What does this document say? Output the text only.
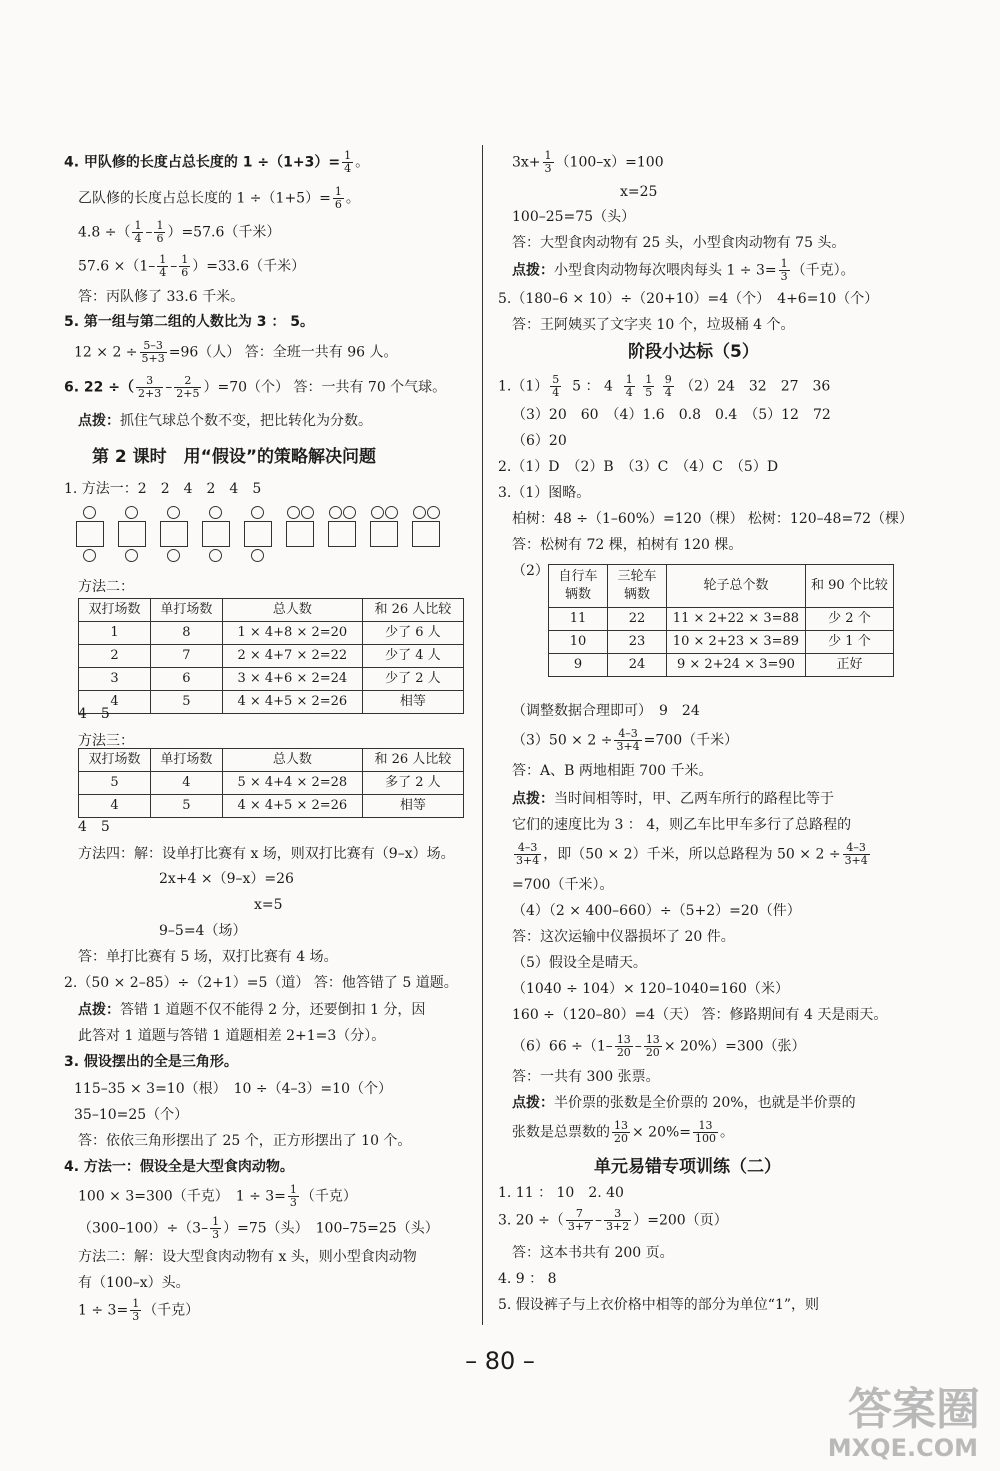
4. 甲队修的长度占总长度的 $1 \div(1+3)= \frac{1}{4}$ 。
乙队修的长度占总长度的 $1 \div(1+5)= \frac{1}{6}$ 。
4.8 ÷（ $\frac{1}{4} - \frac{1}{6} )=57.6$（千米）
$57.6 \times(1- \frac{1}{4} - \frac{1}{6} )=33.6$（千米）
答：丙队修了 33.6 千米。
5. 第一组与第二组的人数比为 3 ： 5。
$12 \times 2 \div \frac{5-3}{5+3} =96$（人） 答：全班一共有 96 人。
6. 22 ÷（ $\frac{3}{2+3} - \frac{2}{2+5} )=70$（个） 答：一共有 70 个气球。
点拨：抓住气球总个数不变，把比转化为分数。
第 2 课时　用“假设”的策略解决问题
1. 方法一：2　2　4　2　4　5
方法二：
双打场数	单打场数	总人数	和 26 人比较
1	8	1 × 4+8 × 2=20	少了 6 人
2	7	2 × 4+7 × 2=22	少了 4 人
3	6	3 × 4+6 × 2=24	少了 2 人
4	5	4 × 4+5 × 2=26	相等
4　5
方法三：
双打场数	单打场数	总人数	和 26 人比较
5	4	5 × 4+4 × 2=28	多了 2 人
4	5	4 × 4+5 × 2=26	相等
4　5
方法四：解：设单打比赛有 x 场，则双打比赛有（9–x）场。
2x+4 ×（9–x）=26
x=5
9–5=4（场）
答：单打比赛有 5 场，双打比赛有 4 场。
2.（50 × 2–85）÷（2+1）=5（道） 答：他答错了 5 道题。
点拨：答错 1 道题不仅不能得 2 分，还要倒扣 1 分，因
此答对 1 道题与答错 1 道题相差 2+1=3（分）。
3. 假设摆出的全是三角形。
115–35 × 3=10（根）　10 ÷（4–3）=10（个）
35–10=25（个）
答：依依三角形摆出了 25 个，正方形摆出了 10 个。
4. 方法一：假设全是大型食肉动物。
100 × 3=300（千克）　$1 \div 3= \frac{1}{3}$ （千克）
$(300-100)\div(3- \frac{1}{3} )=75$（头）　100–75=25（头）
方法二：解：设大型食肉动物有 x 头，则小型食肉动物
有（100–x）头。
$1 \div 3= \frac{1}{3}$ （千克）
$3x+ \frac{1}{3} (100-x)=100$
x=25
100–25=75（头）
答：大型食肉动物有 25 头，小型食肉动物有 75 头。
点拨：小型食肉动物每次喂肉每头 $1 \div 3= \frac{1}{3}$ （千克）。
5.（180–6 × 10）÷（20+10）=4（个）　4+6=10（个）
答：王阿姨买了文字夹 10 个，垃圾桶 4 个。
阶段小达标（5）
$1.(1) \frac{5}{4} 5$ ： $4 \frac{1}{4}$
$\frac{1}{5}$
$\frac{9}{4} (2)24$　32　27　36
（3）20　60　（4）1.6　0.8　0.4　（5）12　72
（6）20
2.（1）D　（2）B　（3）C　（4）C　（5）D
3.（1）图略。
柏树：48 ÷（1–60%）=120（棵） 松树：120–48=72（棵）
答：松树有 72 棵，柏树有 120 棵。
（2） 自行车辆数	三轮车辆数	轮子总个数	和 90 个比较
11	22	11 × 2+22 × 3=88	少 2 个
10	23	10 × 2+23 × 3=89	少 1 个
9	24	9 × 2+24 × 3=90	正好
（调整数据合理即可）　9　24
$(3)50 \times 2 \div \frac{4-3}{3+4} =700$（千米）
答：A、B 两地相距 700 千米。
点拨：当时间相等时，甲、乙两车所行的路程比等于
它们的速度比为 3 ： 4，则乙车比甲车多行了总路程的
$\frac{4-3}{3+4}$ ，即（50 × 2）千米，所以总路程为 $50 \times 2 \div \frac{4-3}{3+4}$
=700（千米）。
（4）（2 × 400–660）÷（5+2）=20（件）
答：这次运输中仪器损坏了 20 件。
（5）假设全是晴天。
（1040 ÷ 104）× 120–1040=160（米）
160 ÷（120–80）=4（天） 答：修路期间有 4 天是雨天。
$(6)66 \div(1- \frac{13}{20} - \frac{13}{20} \times 20\%)=300$（张）
答：一共有 300 张票。
点拨：半价票的张数是全价票的 20%，也就是半价票的
张数是总票数的 $\frac{13}{20} \times 20\%= \frac{13}{100}$ 。
单元易错专项训练（二）
1. 11 ： 10　2. 40
3. 20 ÷（ $\frac{7}{3+7} - \frac{3}{3+2} )=200$（页）
答：这本书共有 200 页。
4. 9 ： 8
5. 假设裤子与上衣价格中相等的部分为单位“1”，则
– 80 –
答案圈
MXQE.COM
